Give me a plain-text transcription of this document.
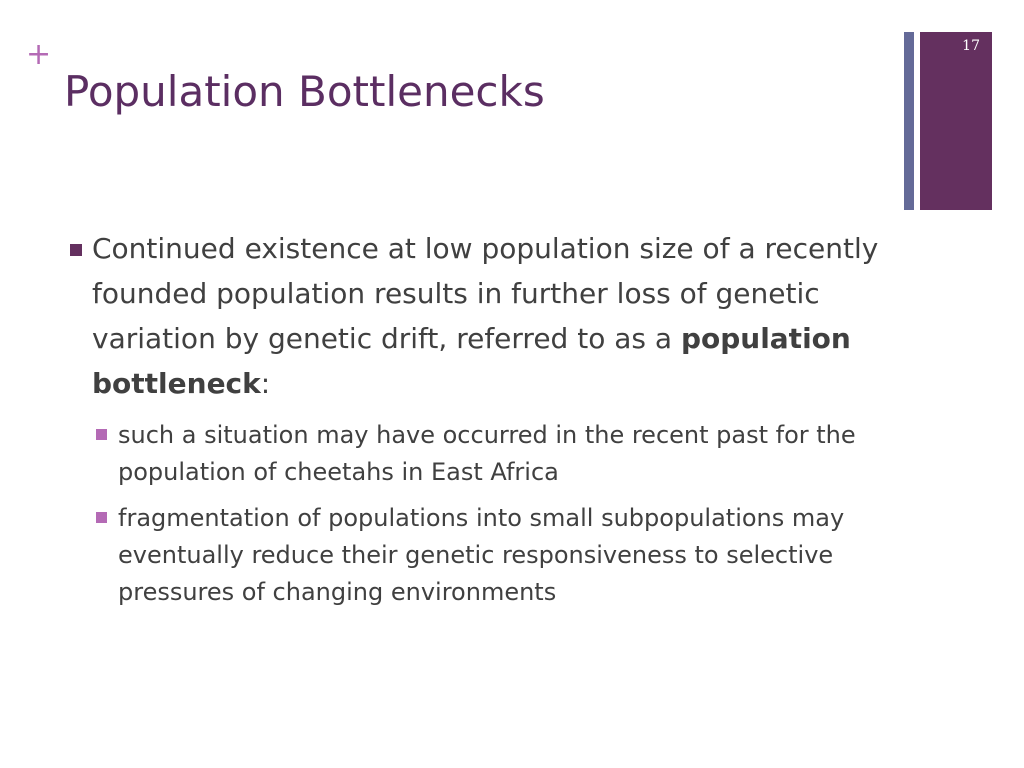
+
Population Bottlenecks
17

Continued existence at low population size of a recently founded population results in further loss of genetic variation by genetic drift, referred to as a population bottleneck:

such a situation may have occurred in the recent past for the population of cheetahs in East Africa

fragmentation of populations into small subpopulations may eventually reduce their genetic responsiveness to selective pressures of changing environments
